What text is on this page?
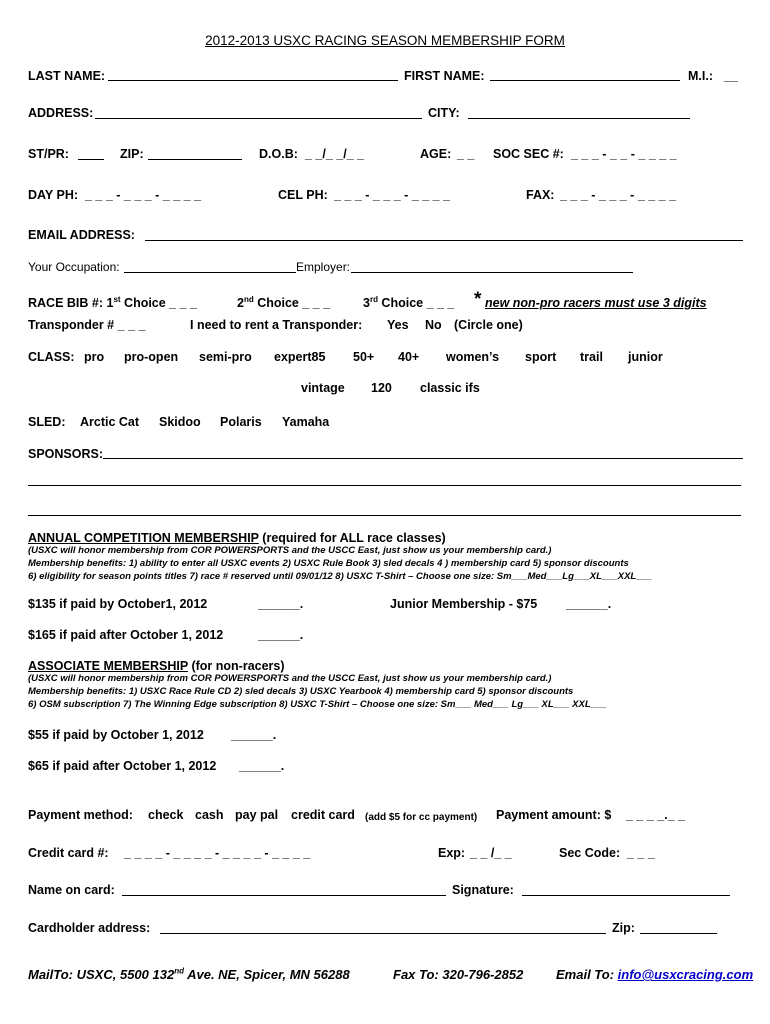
2012-2013 USXC RACING SEASON MEMBERSHIP FORM
LAST NAME:	FIRST NAME:	M.I.: __
ADDRESS:	CITY:
ST/PR:	ZIP:	D.O.B: _ _/_ _/_ _	AGE: _ _ SOC SEC #: _ _ _ - _ _ - _ _ _ _
DAY PH: _ _ _ - _ _ _ - _ _ _ _	CEL PH: _ _ _ - _ _ _ - _ _ _ _	FAX: _ _ _ - _ _ _ - _ _ _ _
EMAIL ADDRESS:
Your Occupation:	Employer:
RACE BIB #: 1st Choice _ _ _	2nd Choice _ _ _	3rd Choice _ _ _ * new non-pro racers must use 3 digits
Transponder # _ _ _	I need to rent a Transponder: Yes No (Circle one)
CLASS: pro pro-open semi-pro expert85 50+ 40+ women’s sport trail junior
vintage 120 classic ifs
SLED: Arctic Cat Skidoo Polaris Yamaha
SPONSORS:
ANNUAL COMPETITION MEMBERSHIP (required for ALL race classes)
(USXC will honor membership from COR POWERSPORTS and the USCC East, just show us your membership card.)
Membership benefits: 1) ability to enter all USXC events 2) USXC Rule Book 3) sled decals 4 ) membership card 5) sponsor discounts
6) eligibility for season points titles 7) race # reserved until 09/01/12 8) USXC T-Shirt – Choose one size: Sm___Med___Lg___XL___XXL___
$135 if paid by October1, 2012	______.	Junior Membership - $75 ______.
$165 if paid after October 1, 2012	______.
ASSOCIATE MEMBERSHIP (for non-racers)
(USXC will honor membership from COR POWERSPORTS and the USCC East, just show us your membership card.)
Membership benefits: 1) USXC Race Rule CD 2) sled decals 3) USXC Yearbook 4) membership card 5) sponsor discounts
6) OSM subscription 7) The Winning Edge subscription 8) USXC T-Shirt – Choose one size: Sm___ Med___ Lg___ XL___ XXL___
$55 if paid by October 1, 2012 ______.
$65 if paid after October 1, 2012 ______.
Payment method: check cash pay pal credit card (add $5 for cc payment) Payment amount: $ _ _ _ _._ _
Credit card #: _ _ _ _ - _ _ _ _ - _ _ _ _ - _ _ _ _	Exp: _ _ /_ _	Sec Code: _ _ _
Name on card:	Signature:
Cardholder address:	Zip:
MailTo: USXC, 5500 132nd Ave. NE, Spicer, MN 56288	Fax To: 320-796-2852	Email To: info@usxcracing.com
